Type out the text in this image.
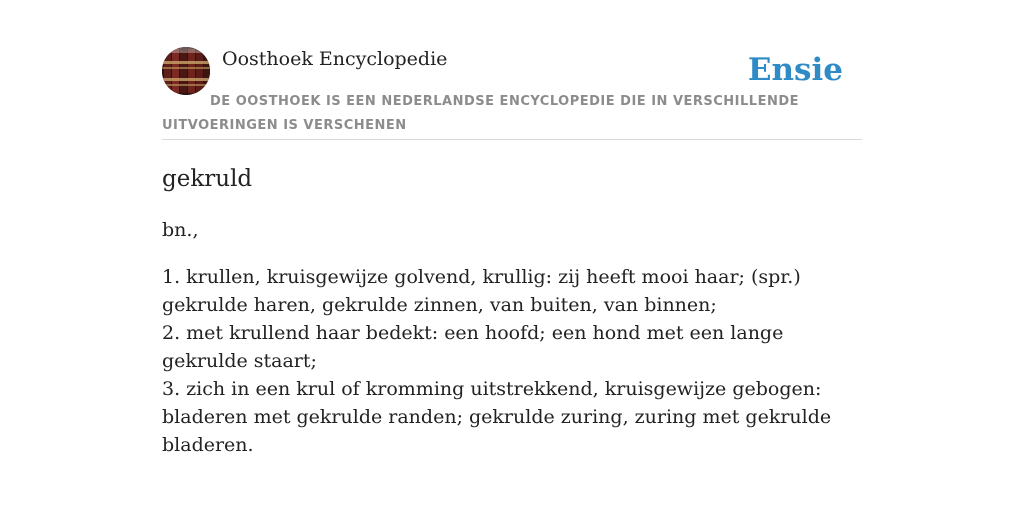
Oosthoek Encyclopedie	Ensie
DE OOSTHOEK IS EEN NEDERLANDSE ENCYCLOPEDIE DIE IN VERSCHILLENDE UITVOERINGEN IS VERSCHENEN
gekruld

bn.,

1. krullen, kruisgewijze golvend, krullig: zij heeft mooi haar; (spr.) gekrulde haren, gekrulde zinnen, van buiten, van binnen;
2. met krullend haar bedekt: een hoofd; een hond met een lange gekrulde staart;
3. zich in een krul of kromming uitstrekkend, kruisgewijze gebogen: bladeren met gekrulde randen; gekrulde zuring, zuring met gekrulde bladeren.
